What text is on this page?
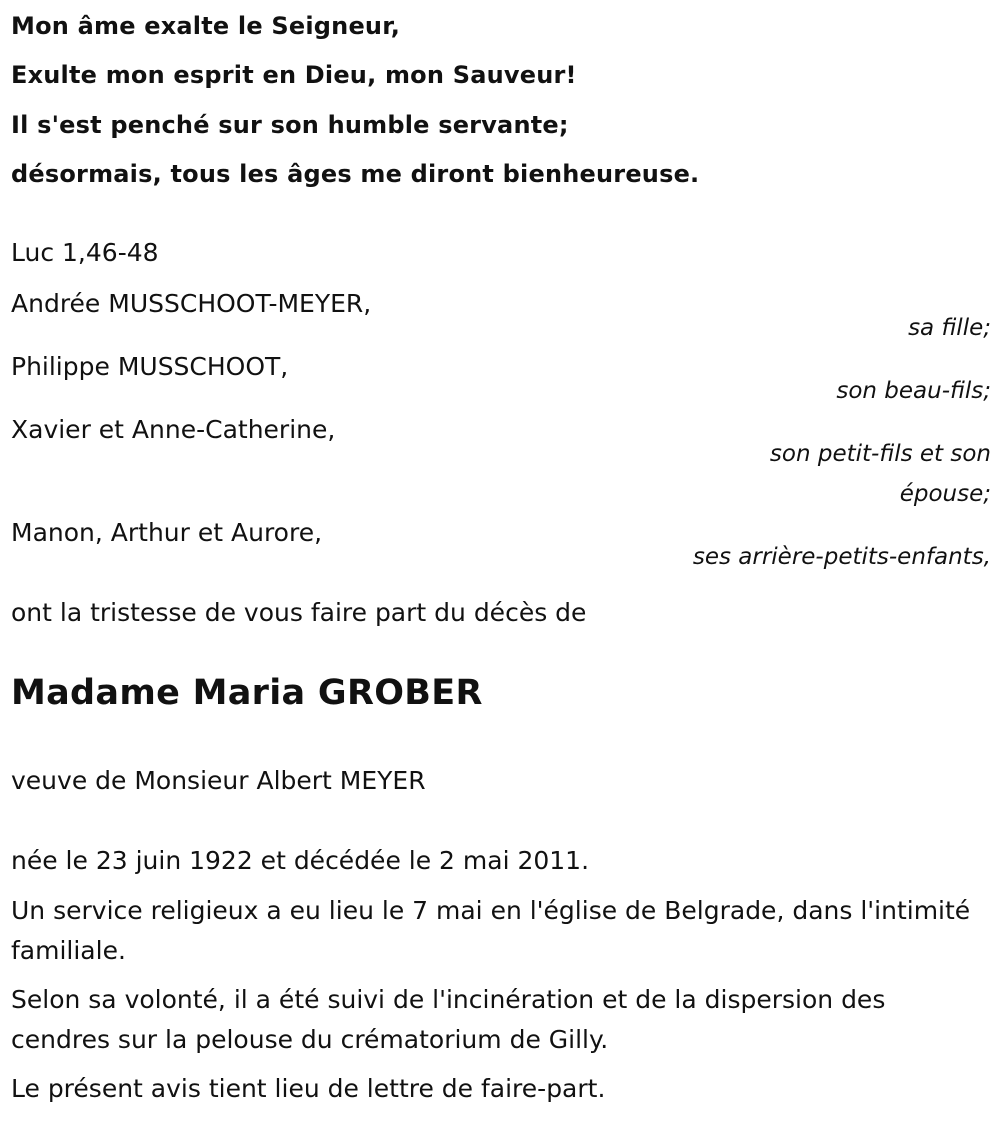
Mon âme exalte le Seigneur,
Exulte mon esprit en Dieu, mon Sauveur!
Il s'est penché sur son humble servante;
désormais, tous les âges me diront bienheureuse.
Luc 1,46-48
Andrée MUSSCHOOT-MEYER,
sa fille;
Philippe MUSSCHOOT,
son beau-fils;
Xavier et Anne-Catherine,
son petit-fils et son épouse;
Manon, Arthur et Aurore,
ses arrière-petits-enfants,
ont la tristesse de vous faire part du décès de
Madame Maria GROBER
veuve de Monsieur Albert MEYER
née le 23 juin 1922 et décédée le 2 mai 2011.
Un service religieux a eu lieu le 7 mai en l'église de Belgrade, dans l'intimité familiale.
Selon sa volonté, il a été suivi de l'incinération et de la dispersion des cendres sur la pelouse du crématorium de Gilly.
Le présent avis tient lieu de lettre de faire-part.
